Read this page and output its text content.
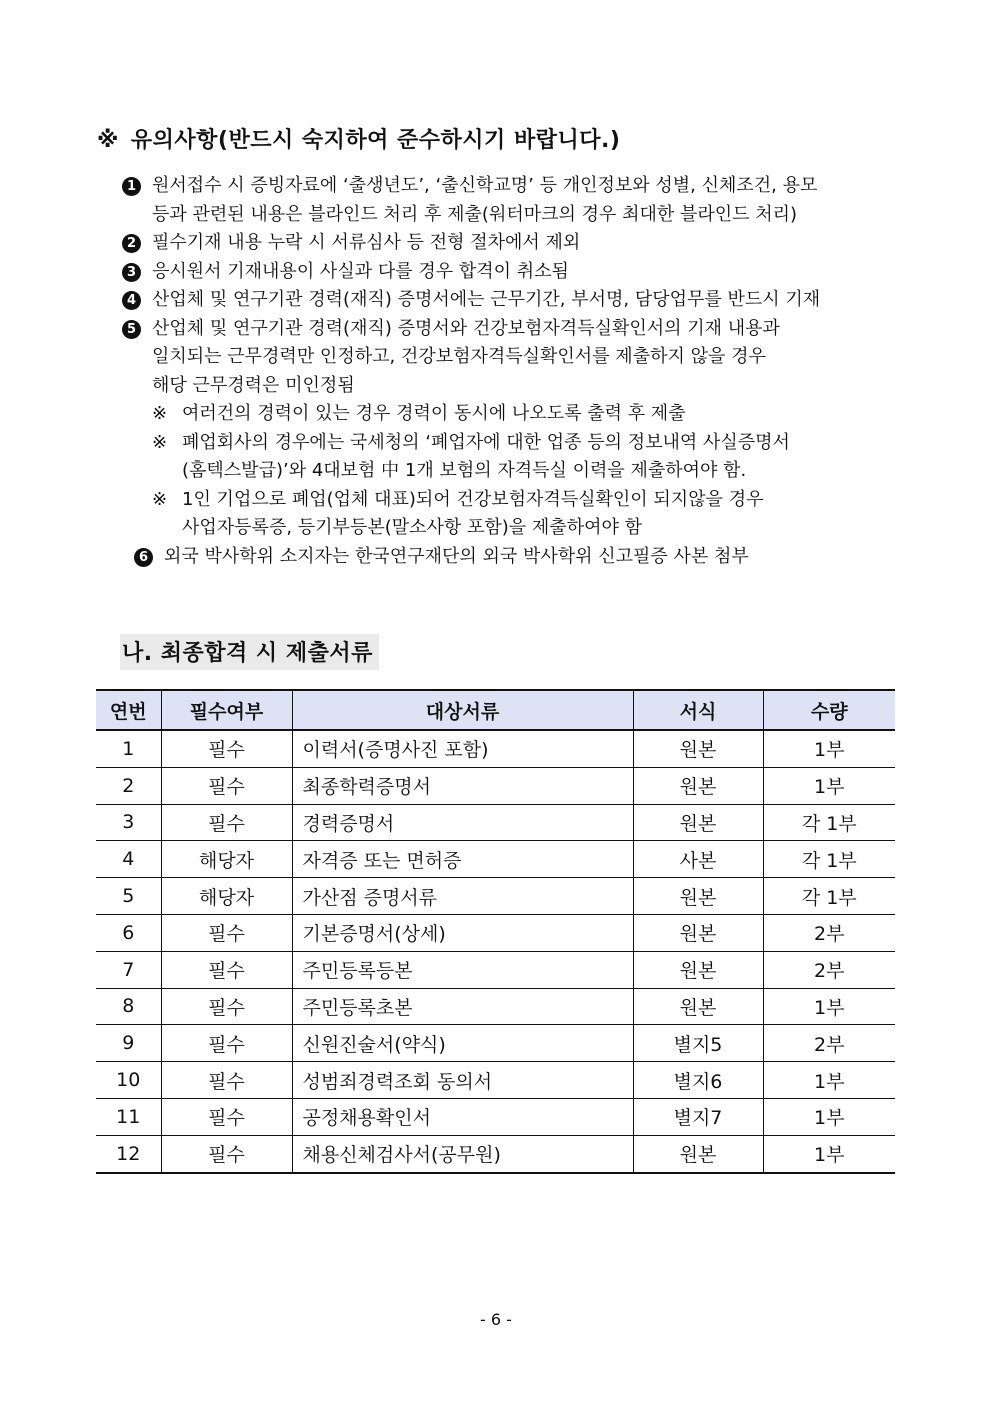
※ 유의사항(반드시 숙지하여 준수하시기 바랍니다.)
1 원서접수 시 증빙자료에 ‘출생년도’, ‘출신학교명’ 등 개인정보와 성별, 신체조건, 용모
등과 관련된 내용은 블라인드 처리 후 제출(워터마크의 경우 최대한 블라인드 처리)
2 필수기재 내용 누락 시 서류심사 등 전형 절차에서 제외
3 응시원서 기재내용이 사실과 다를 경우 합격이 취소됨
4 산업체 및 연구기관 경력(재직) 증명서에는 근무기간, 부서명, 담당업무를 반드시 기재
5 산업체 및 연구기관 경력(재직) 증명서와 건강보험자격득실확인서의 기재 내용과
일치되는 근무경력만 인정하고, 건강보험자격득실확인서를 제출하지 않을 경우
해당 근무경력은 미인정됨
※ 여러건의 경력이 있는 경우 경력이 동시에 나오도록 출력 후 제출
※ 폐업회사의 경우에는 국세청의 ‘폐업자에 대한 업종 등의 정보내역 사실증명서
(홈텍스발급)’와 4대보험 中 1개 보험의 자격득실 이력을 제출하여야 함.
※ 1인 기업으로 폐업(업체 대표)되어 건강보험자격득실확인이 되지않을 경우
사업자등록증, 등기부등본(말소사항 포함)을 제출하여야 함
6 외국 박사학위 소지자는 한국연구재단의 외국 박사학위 신고필증 사본 첨부
나. 최종합격 시 제출서류
연번	필수여부	대상서류	서식	수량
1	필수	이력서(증명사진 포함)	원본	1부
2	필수	최종학력증명서	원본	1부
3	필수	경력증명서	원본	각 1부
4	해당자	자격증 또는 면허증	사본	각 1부
5	해당자	가산점 증명서류	원본	각 1부
6	필수	기본증명서(상세)	원본	2부
7	필수	주민등록등본	원본	2부
8	필수	주민등록초본	원본	1부
9	필수	신원진술서(약식)	별지5	2부
10	필수	성범죄경력조회 동의서	별지6	1부
11	필수	공정채용확인서	별지7	1부
12	필수	채용신체검사서(공무원)	원본	1부
- 6 -
